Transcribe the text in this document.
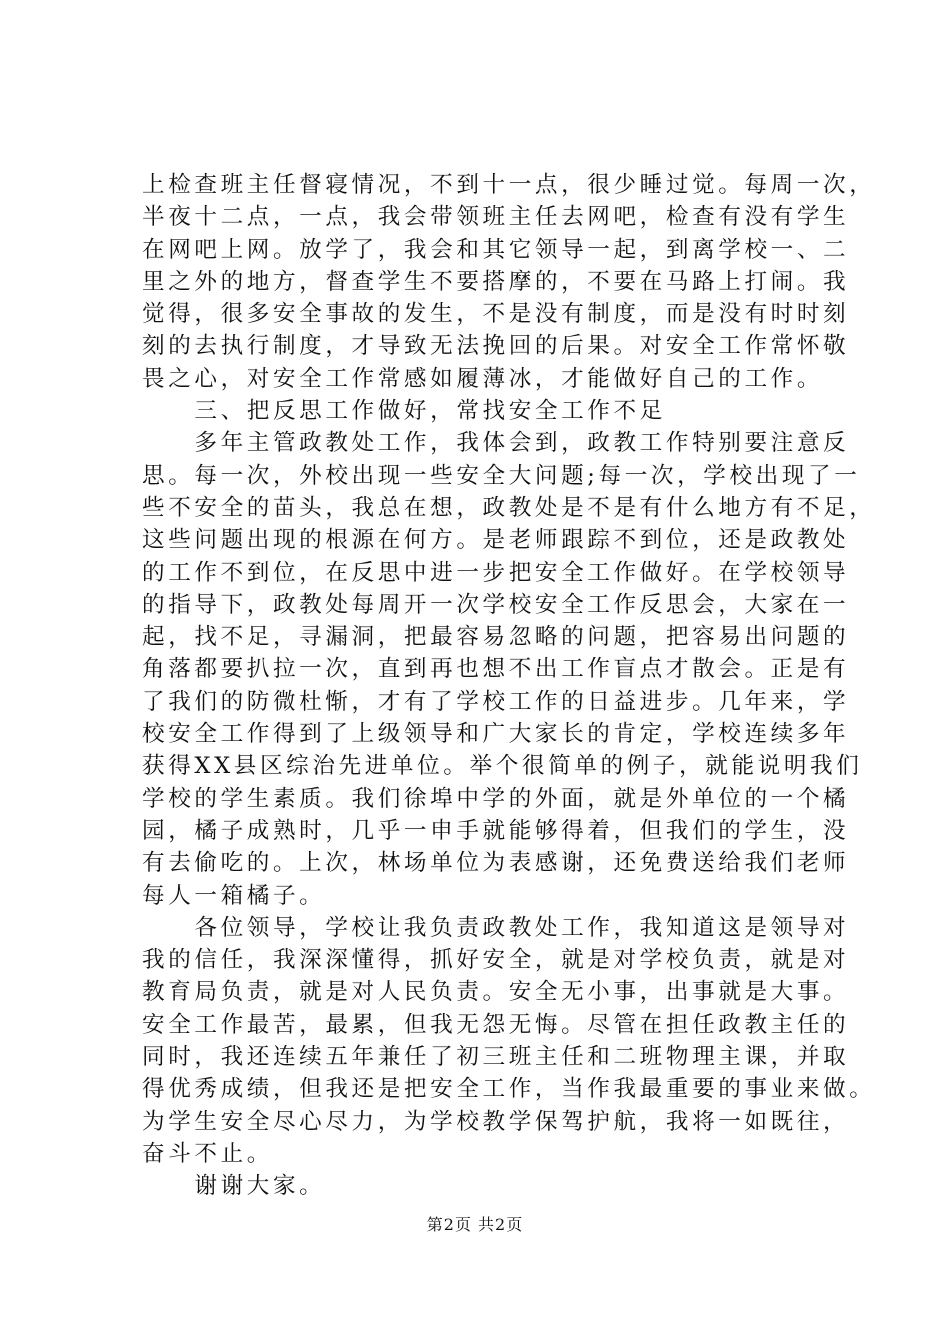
上检查班主任督寝情况，不到十一点，很少睡过觉。每周一次，

半夜十二点，一点，我会带领班主任去网吧，检查有没有学生

在网吧上网。放学了，我会和其它领导一起，到离学校一、二

里之外的地方，督查学生不要搭摩的，不要在马路上打闹。我

觉得，很多安全事故的发生，不是没有制度，而是没有时时刻

刻的去执行制度，才导致无法挽回的后果。对安全工作常怀敬

畏之心，对安全工作常感如履薄冰，才能做好自己的工作。

　　三、把反思工作做好，常找安全工作不足

　　多年主管政教处工作，我体会到，政教工作特别要注意反

思。每一次，外校出现一些安全大问题;每一次，学校出现了一

些不安全的苗头，我总在想，政教处是不是有什么地方有不足，

这些问题出现的根源在何方。是老师跟踪不到位，还是政教处

的工作不到位，在反思中进一步把安全工作做好。在学校领导

的指导下，政教处每周开一次学校安全工作反思会，大家在一

起，找不足，寻漏洞，把最容易忽略的问题，把容易出问题的

角落都要扒拉一次，直到再也想不出工作盲点才散会。正是有

了我们的防微杜惭，才有了学校工作的日益进步。几年来，学

校安全工作得到了上级领导和广大家长的肯定，学校连续多年

获得XX县区综治先进单位。举个很简单的例子，就能说明我们

学校的学生素质。我们徐埠中学的外面，就是外单位的一个橘

园，橘子成熟时，几乎一申手就能够得着，但我们的学生，没

有去偷吃的。上次，林场单位为表感谢，还免费送给我们老师

每人一箱橘子。

　　各位领导，学校让我负责政教处工作，我知道这是领导对

我的信任，我深深懂得，抓好安全，就是对学校负责，就是对

教育局负责，就是对人民负责。安全无小事，出事就是大事。

安全工作最苦，最累，但我无怨无悔。尽管在担任政教主任的

同时，我还连续五年兼任了初三班主任和二班物理主课，并取

得优秀成绩，但我还是把安全工作，当作我最重要的事业来做。

为学生安全尽心尽力，为学校教学保驾护航，我将一如既往，

奋斗不止。

　　谢谢大家。

第2页 共2页
